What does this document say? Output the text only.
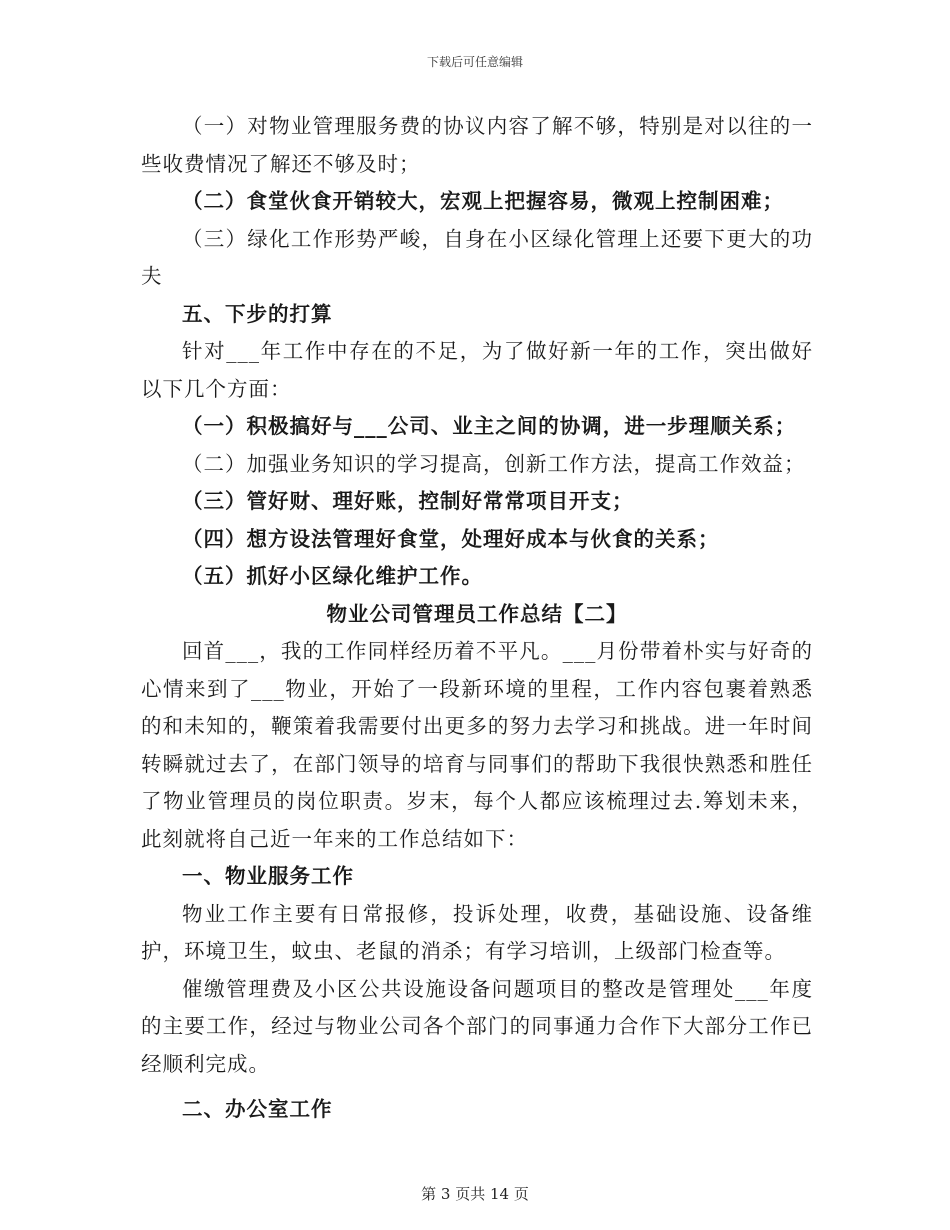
下载后可任意编辑

（一）对物业管理服务费的协议内容了解不够，特别是对以往的一些收费情况了解还不够及时；

（二）食堂伙食开销较大，宏观上把握容易，微观上控制困难；

（三）绿化工作形势严峻，自身在小区绿化管理上还要下更大的功夫

五、下步的打算

针对___年工作中存在的不足，为了做好新一年的工作，突出做好以下几个方面：

（一）积极搞好与___公司、业主之间的协调，进一步理顺关系；

（二）加强业务知识的学习提高，创新工作方法，提高工作效益；

（三）管好财、理好账，控制好常常项目开支；

（四）想方设法管理好食堂，处理好成本与伙食的关系；

（五）抓好小区绿化维护工作。

物业公司管理员工作总结【二】

回首___，我的工作同样经历着不平凡。___月份带着朴实与好奇的心情来到了___物业，开始了一段新环境的里程，工作内容包裹着熟悉的和未知的，鞭策着我需要付出更多的努力去学习和挑战。进一年时间转瞬就过去了，在部门领导的培育与同事们的帮助下我很快熟悉和胜任了物业管理员的岗位职责。岁末，每个人都应该梳理过去.筹划未来，此刻就将自己近一年来的工作总结如下：

一、物业服务工作

物业工作主要有日常报修，投诉处理，收费，基础设施、设备维护，环境卫生，蚊虫、老鼠的消杀；有学习培训，上级部门检查等。

催缴管理费及小区公共设施设备问题项目的整改是管理处___年度的主要工作，经过与物业公司各个部门的同事通力合作下大部分工作已经顺利完成。

二、办公室工作

第 3 页共 14 页
